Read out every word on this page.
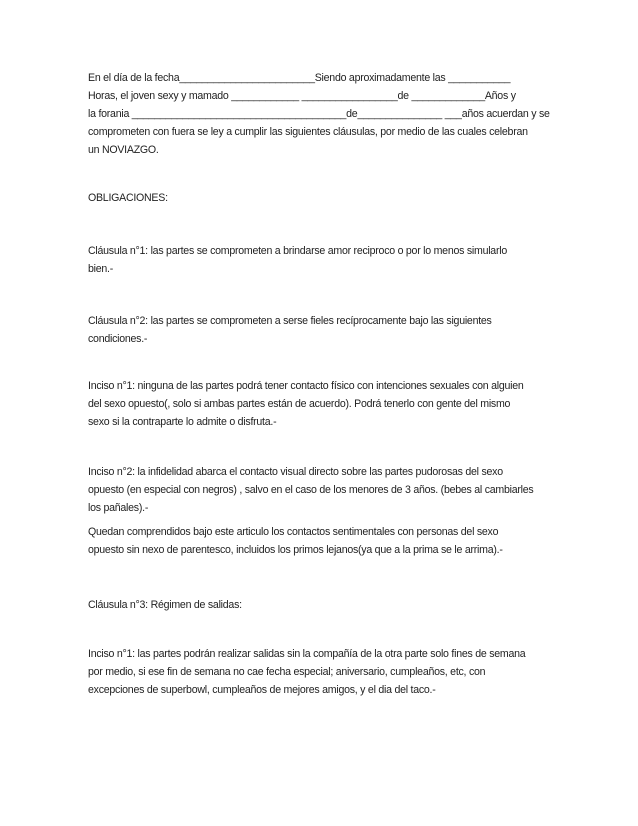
En el día de la fecha________________________Siendo aproximadamente las ___________
Horas, el joven sexy y mamado ____________ _________________de _____________Años y
la forania ______________________________________de_______________ ___años acuerdan y se
comprometen con fuera se ley a cumplir las siguientes cláusulas, por medio de las cuales celebran
un NOVIAZGO.
OBLIGACIONES:
Cláusula n°1: las partes se comprometen a brindarse amor reciproco o por lo menos simularlo
bien.-
Cláusula n°2: las partes se comprometen a serse fieles recíprocamente bajo las siguientes
condiciones.-
Inciso n°1: ninguna de las partes podrá tener contacto físico con intenciones sexuales con alguien
del sexo opuesto(, solo si ambas partes están de acuerdo). Podrá tenerlo con gente del mismo
sexo si la contraparte lo admite o disfruta.-
Inciso n°2: la infidelidad abarca el contacto visual directo sobre las partes pudorosas del sexo
opuesto (en especial con negros) , salvo en el caso de los menores de 3 años. (bebes al cambiarles
los pañales).-
Quedan comprendidos bajo este articulo los contactos sentimentales con personas del sexo
opuesto sin nexo de parentesco, incluidos los primos lejanos(ya que a la prima se le arrima).-
Cláusula n°3: Régimen de salidas:
Inciso n°1: las partes podrán realizar salidas sin la compañía de la otra parte solo fines de semana
por medio, si ese fin de semana no cae fecha especial; aniversario, cumpleaños, etc, con
excepciones de superbowl, cumpleaños de mejores amigos, y el dia del taco.-
